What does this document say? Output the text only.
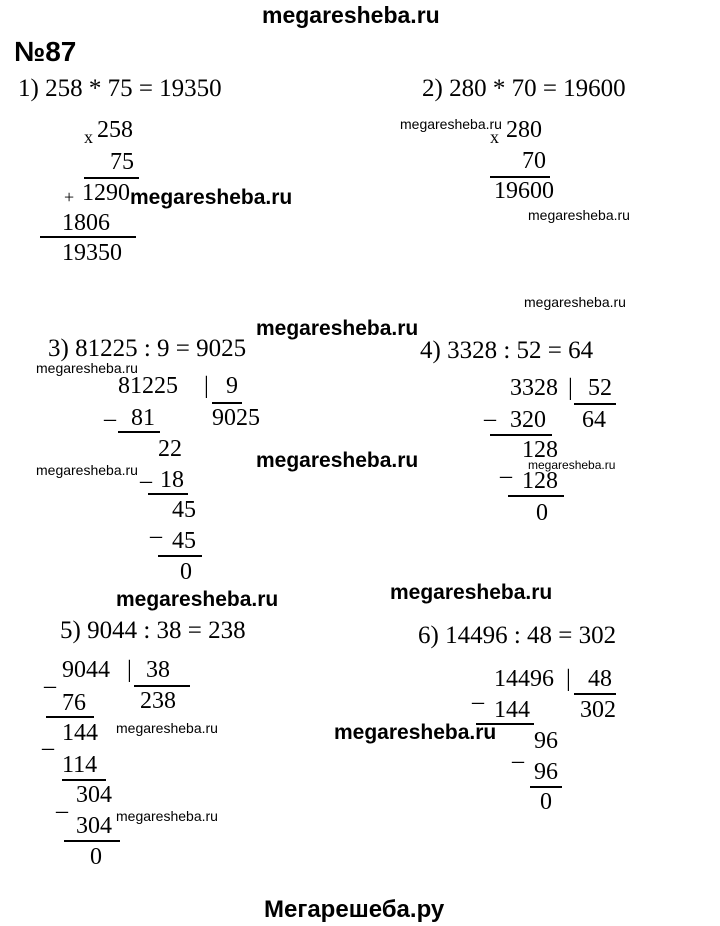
megaresheba.ru
№87
1) 258 * 75 = 19350
x 258
75
+ 1290
1806
19350
2) 280 * 70 = 19600
x 280
70
19600
3) 81225 : 9 = 9025
_
81225 | 9
9025
81
_
22
18
_
45
45
0
4) 3328 : 52 = 64
_
3328 | 52
64
320
_
128
128
0
5) 9044 : 38 = 238
_ 9044 | 38
238
76
_ 144
114
_ 304
304
0
6) 14496 : 48 = 302
_
14496 | 48
302
144
_ 96
96
0
megaresheba.ru
megaresheba.ru
megaresheba.ru
megaresheba.ru
megaresheba.ru
megaresheba.ru
megaresheba.ru
megaresheba.ru
megaresheba.ru
megaresheba.ru
megaresheba.ru	megaresheba.ru
megaresheba.ru
megaresheba.ru
Мегарешеба.ру
